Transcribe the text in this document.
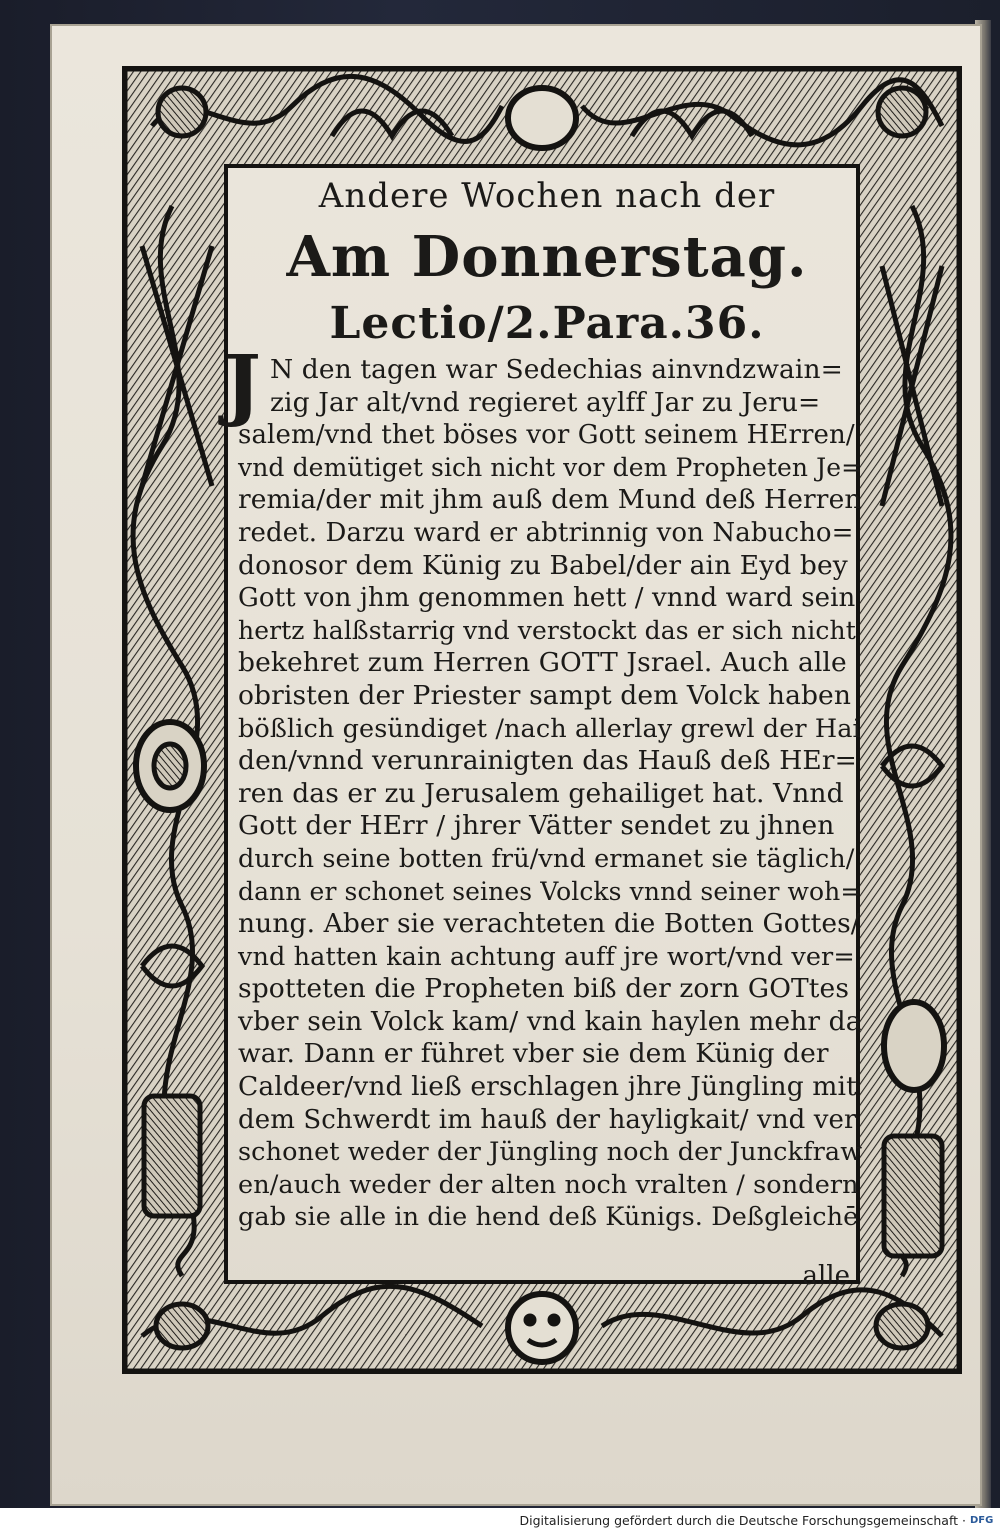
Andere Wochen nach der
Am Donnerstag.
Lectio/2.Para.36.
J N den tagen war Sedechias ainvndzwain=
zig Jar alt/vnd regieret aylff Jar zu Jeru=
salem/vnd thet böses vor Gott seinem HErren/
vnd demütiget sich nicht vor dem Propheten Je=
remia/der mit jhm auß dem Mund deß Herren
redet. Darzu ward er abtrinnig von Nabucho=
donosor dem Künig zu Babel/der ain Eyd bey
Gott von jhm genommen hett / vnnd ward sein
hertz halßstarrig vnd verstockt das er sich nicht
bekehret zum Herren GOTT Jsrael. Auch alle
obristen der Priester sampt dem Volck haben
bößlich gesündiget /nach allerlay grewl der Hai
den/vnnd verunrainigten das Hauß deß HEr=
ren das er zu Jerusalem gehailiget hat. Vnnd
Gott der HErr / jhrer Vätter sendet zu jhnen
durch seine botten frü/vnd ermanet sie täglich/
dann er schonet seines Volcks vnnd seiner woh=
nung. Aber sie verachteten die Botten Gottes/
vnd hatten kain achtung auff jre wort/vnd ver=
spotteten die Propheten biß der zorn GOTtes
vber sein Volck kam/ vnd kain haylen mehr da
war. Dann er führet vber sie dem Künig der
Caldeer/vnd ließ erschlagen jhre Jüngling mit
dem Schwerdt im hauß der hayligkait/ vnd ver
schonet weder der Jüngling noch der Junckfraw
en/auch weder der alten noch vralten / sondern
gab sie alle in die hend deß Künigs. Deßgleichē
alle
Digitalisierung gefördert durch die Deutsche Forschungsgemeinschaft · DFG
